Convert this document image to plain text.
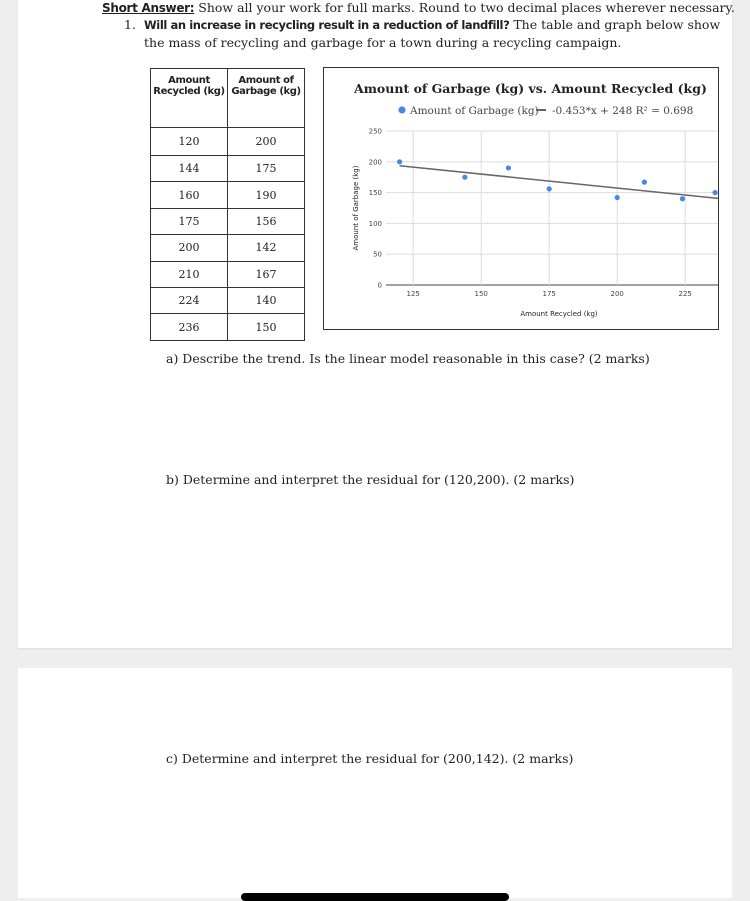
Short Answer: Show all your work for full marks. Round to two decimal places wherever necessary.
1. Will an increase in recycling result in a reduction of landfill? The table and graph below show
the mass of recycling and garbage for a town during a recycling campaign.
Amount
Recycled (kg)	Amount of
Garbage (kg)
120	200
144	175
160	190
175	156
200	142
210	167
224	140
236	150
Amount of Garbage (kg) vs. Amount Recycled (kg)
Amount of Garbage (kg) -0.453*x + 248 R² = 0.698
0
50
100
150
200
250
125	150	175	200	225
Amount of Garbage (kg)
Amount Recycled (kg)
a) Describe the trend. Is the linear model reasonable in this case? (2 marks)
b) Determine and interpret the residual for (120,200). (2 marks)
c) Determine and interpret the residual for (200,142). (2 marks)
